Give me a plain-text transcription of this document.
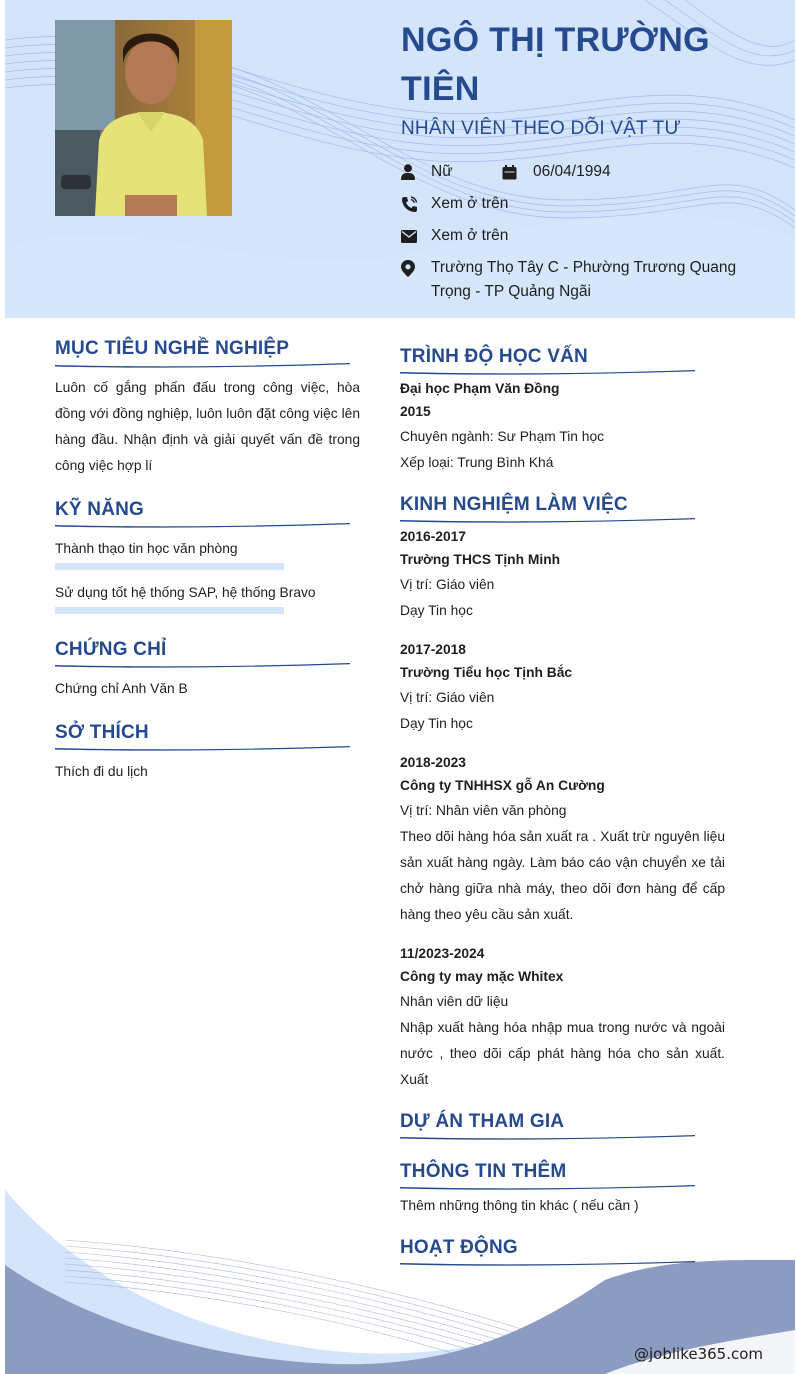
NGÔ THỊ TRƯỜNG TIÊN
NHÂN VIÊN THEO DÕI VẬT TƯ
Nữ	06/04/1994
Xem ở trên
Xem ở trên
Trường Thọ Tây C - Phường Trương Quang Trọng - TP Quảng Ngãi
MỤC TIÊU NGHỀ NGHIỆP
Luôn cố gắng phấn đấu trong công việc, hòa đồng với đồng nghiệp, luôn luôn đặt công việc lên hàng đầu. Nhận định và giải quyết vấn đề trong công việc hợp lí
KỸ NĂNG
Thành thạo tin học văn phòng
Sử dụng tốt hệ thống SAP, hệ thống Bravo
CHỨNG CHỈ
Chứng chỉ Anh Văn B
SỞ THÍCH
Thích đi du lịch
TRÌNH ĐỘ HỌC VẤN
Đại học Phạm Văn Đồng
2015
Chuyên ngành: Sư Phạm Tin học
Xếp loại: Trung Bình Khá
KINH NGHIỆM LÀM VIỆC
2016-2017
Trường THCS Tịnh Minh
Vị trí: Giáo viên
Dạy Tin học
2017-2018
Trường Tiểu học Tịnh Bắc
Vị trí: Giáo viên
Dạy Tin học
2018-2023
Công ty TNHHSX gỗ An Cường
Vị trí: Nhân viên văn phòng
Theo dõi hàng hóa sản xuất ra . Xuất trừ nguyên liệu sản xuất hàng ngày. Làm báo cáo vận chuyển xe tải chở hàng giữa nhà máy, theo dõi đơn hàng để cấp hàng theo yêu cầu sản xuất.
11/2023-2024
Công ty may mặc Whitex
Nhân viên dữ liệu
Nhập xuất hàng hóa nhập mua trong nước và ngoài nước , theo dõi cấp phát hàng hóa cho sản xuất. Xuất
DỰ ÁN THAM GIA
THÔNG TIN THÊM
Thêm những thông tin khác ( nếu cần )
HOẠT ĐỘNG
@joblike365.com
